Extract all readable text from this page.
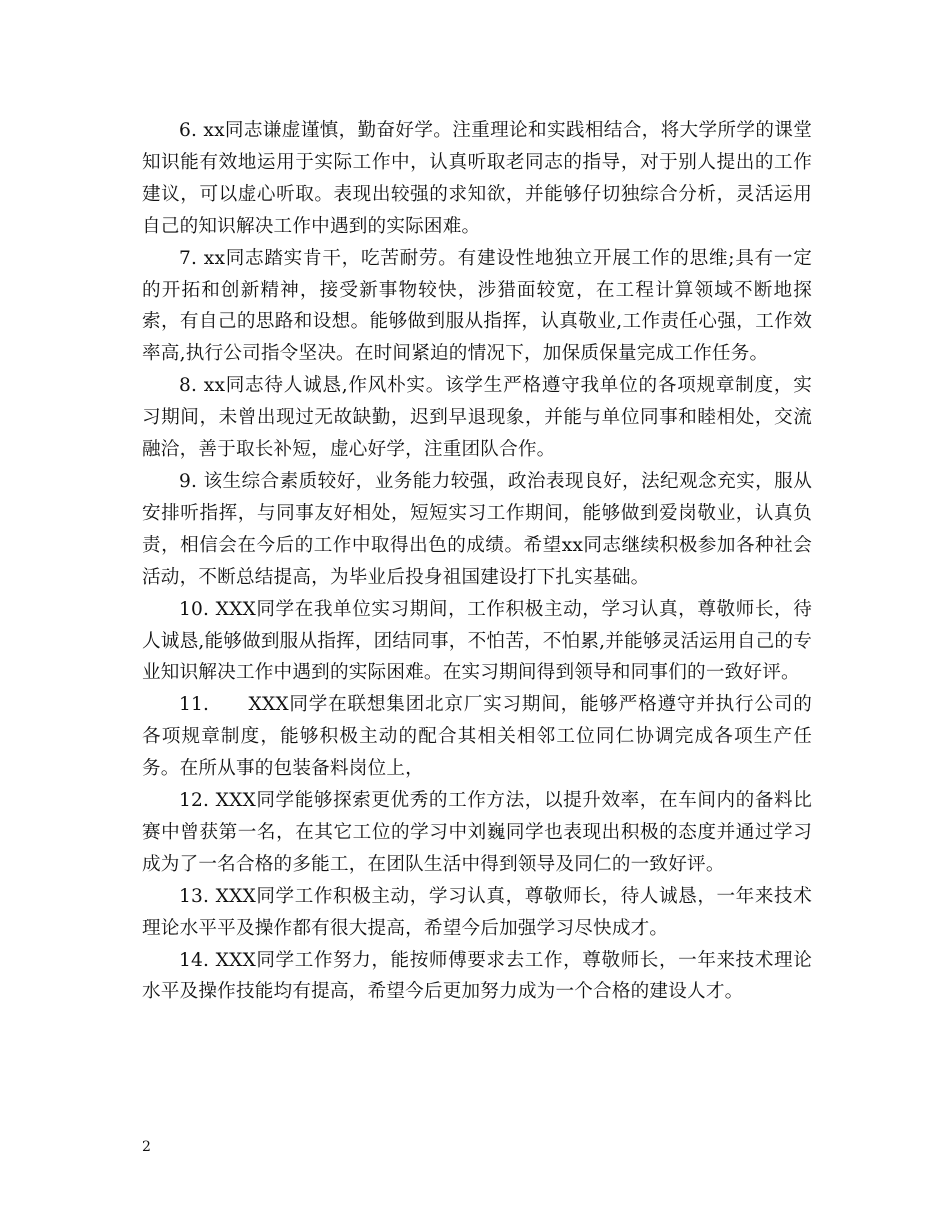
6. xx同志谦虚谨慎，勤奋好学。注重理论和实践相结合，将大学所学的课堂知识能有效地运用于实际工作中，认真听取老同志的指导，对于别人提出的工作建议，可以虚心听取。表现出较强的求知欲，并能够仔切独综合分析，灵活运用自己的知识解决工作中遇到的实际困难。

7. xx同志踏实肯干，吃苦耐劳。有建设性地独立开展工作的思维;具有一定的开拓和创新精神，接受新事物较快，涉猎面较宽，在工程计算领域不断地探索，有自己的思路和设想。能够做到服从指挥，认真敬业,工作责任心强，工作效率高,执行公司指令坚决。在时间紧迫的情况下，加保质保量完成工作任务。

8. xx同志待人诚恳,作风朴实。该学生严格遵守我单位的各项规章制度，实习期间，未曾出现过无故缺勤，迟到早退现象，并能与单位同事和睦相处，交流融洽，善于取长补短，虚心好学，注重团队合作。

9. 该生综合素质较好，业务能力较强，政治表现良好，法纪观念充实，服从安排听指挥，与同事友好相处，短短实习工作期间，能够做到爱岗敬业，认真负责，相信会在今后的工作中取得出色的成绩。希望xx同志继续积极参加各种社会活动，不断总结提高，为毕业后投身祖国建设打下扎实基础。

10. XXX同学在我单位实习期间，工作积极主动，学习认真，尊敬师长，待人诚恳,能够做到服从指挥，团结同事，不怕苦，不怕累,并能够灵活运用自己的专业知识解决工作中遇到的实际困难。在实习期间得到领导和同事们的一致好评。

11.　　XXX同学在联想集团北京厂实习期间，能够严格遵守并执行公司的各项规章制度，能够积极主动的配合其相关相邻工位同仁协调完成各项生产任务。在所从事的包装备料岗位上，

12. XXX同学能够探索更优秀的工作方法，以提升效率，在车间内的备料比赛中曾获第一名，在其它工位的学习中刘巍同学也表现出积极的态度并通过学习成为了一名合格的多能工，在团队生活中得到领导及同仁的一致好评。

13. XXX同学工作积极主动，学习认真，尊敬师长，待人诚恳，一年来技术理论水平平及操作都有很大提高，希望今后加强学习尽快成才。

14. XXX同学工作努力，能按师傅要求去工作，尊敬师长，一年来技术理论水平及操作技能均有提高，希望今后更加努力成为一个合格的建设人才。

2
